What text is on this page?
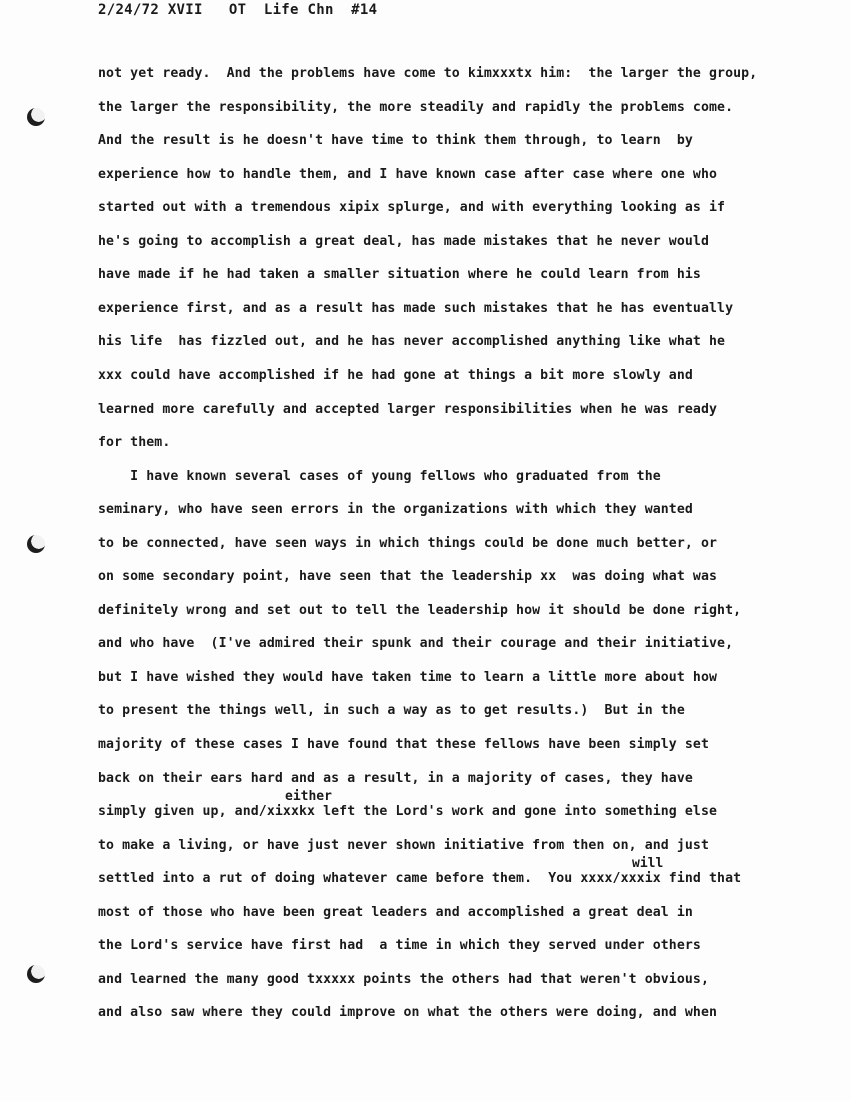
2/24/72 XVII   OT  Life Chn  #14
not yet ready.  And the problems have come to kimxxxtx him:  the larger the group,
the larger the responsibility, the more steadily and rapidly the problems come.
And the result is he doesn't have time to think them through, to learn  by
experience how to handle them, and I have known case after case where one who
started out with a tremendous xipix splurge, and with everything looking as if
he's going to accomplish a great deal, has made mistakes that he never would
have made if he had taken a smaller situation where he could learn from his
experience first, and as a result has made such mistakes that he has eventually
his life  has fizzled out, and he has never accomplished anything like what he
xxx could have accomplished if he had gone at things a bit more slowly and
learned more carefully and accepted larger responsibilities when he was ready
for them.
I have known several cases of young fellows who graduated from the
seminary, who have seen errors in the organizations with which they wanted
to be connected, have seen ways in which things could be done much better, or
on some secondary point, have seen that the leadership xx  was doing what was
definitely wrong and set out to tell the leadership how it should be done right,
and who have  (I've admired their spunk and their courage and their initiative,
but I have wished they would have taken time to learn a little more about how
to present the things well, in such a way as to get results.)  But in the
majority of these cases I have found that these fellows have been simply set
back on their ears hard and as a result, in a majority of cases, they have
simply given up, and/xixxkx left the Lord's work and gone into something else
to make a living, or have just never shown initiative from then on, and just
settled into a rut of doing whatever came before them.  You xxxx/xxxix find that
most of those who have been great leaders and accomplished a great deal in
the Lord's service have first had  a time in which they served under others
and learned the many good txxxxx points the others had that weren't obvious,
and also saw where they could improve on what the others were doing, and when
either
will
